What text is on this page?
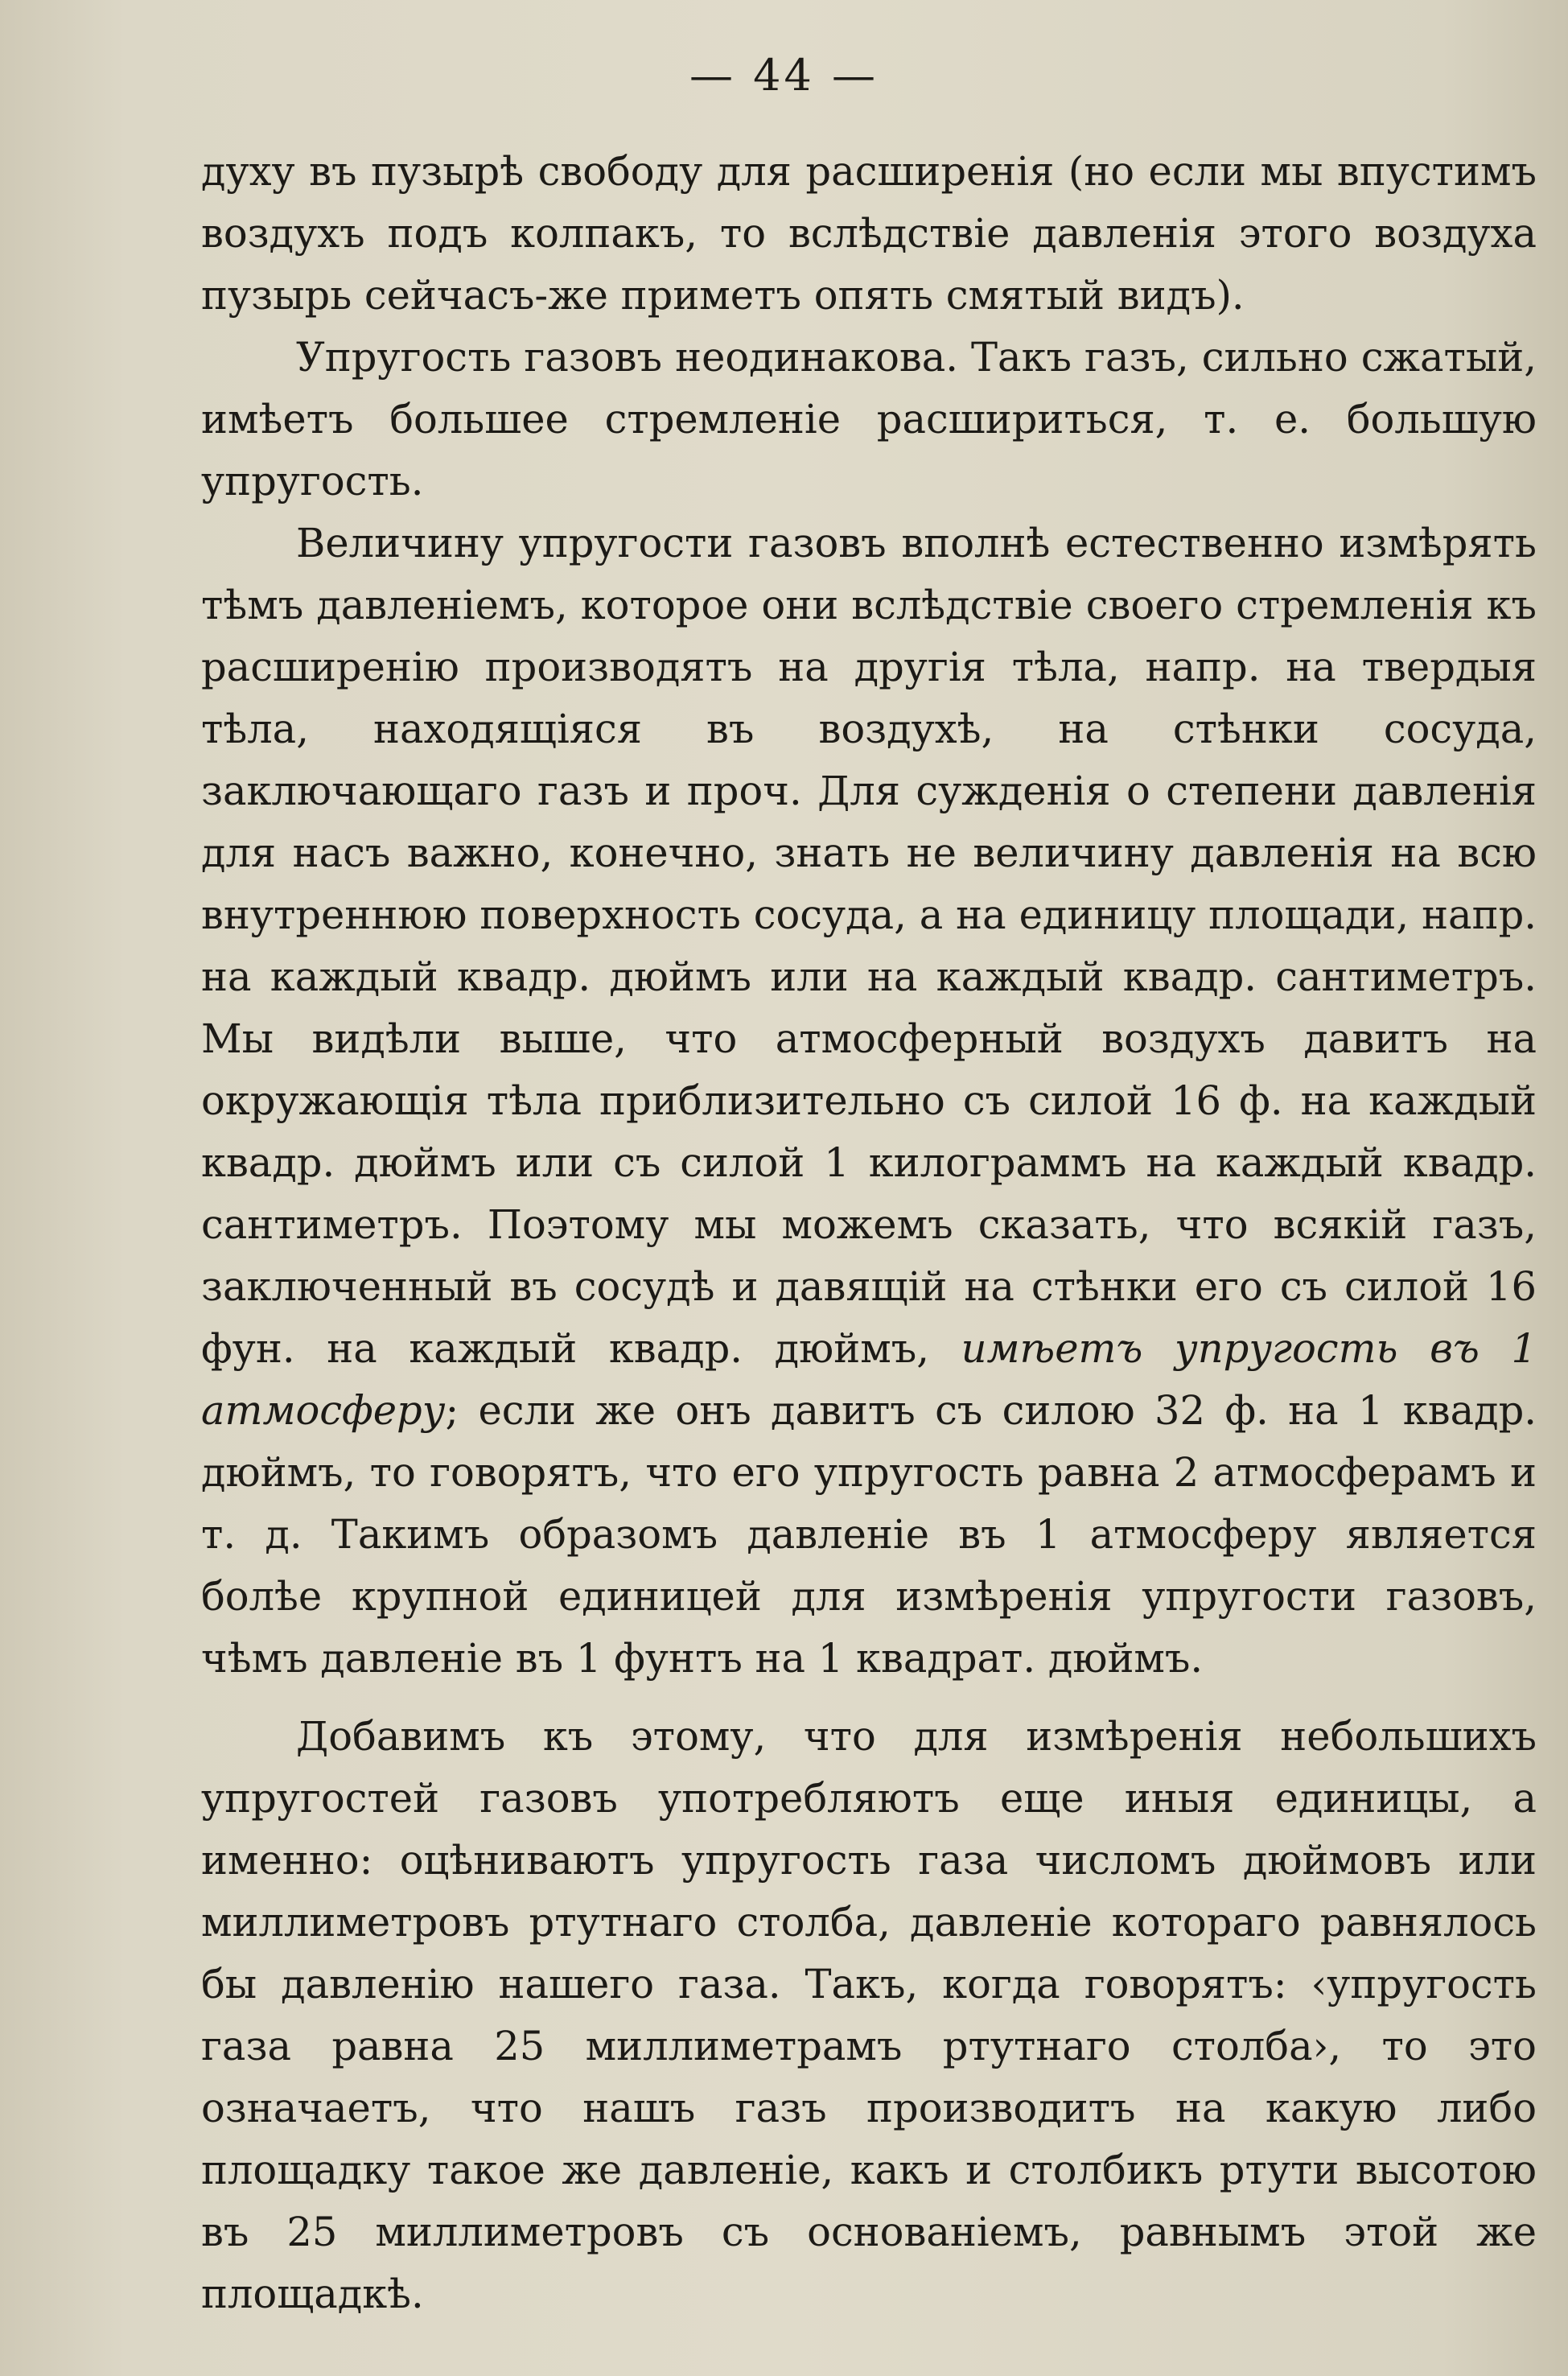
— 44 —

духу въ пузырѣ свободу для расширенія (но если мы впустимъ воздухъ подъ колпакъ, то вслѣдствіе давленія этого воздуха пузырь сейчасъ-же приметъ опять смятый видъ).

Упругость газовъ неодинакова. Такъ газъ, сильно сжатый, имѣетъ большее стремленіе расшириться, т. е. большую упругость.

Величину упругости газовъ вполнѣ естественно измѣрять тѣмъ давленіемъ, которое они вслѣдствіе своего стремленія къ расширенію производятъ на другія тѣла, напр. на твердыя тѣла, находящіяся въ воздухѣ, на стѣнки сосуда, заключающаго газъ и проч. Для сужденія о степени давленія для насъ важно, конечно, знать не величину давленія на всю внутреннюю поверхность сосуда, а на единицу площади, напр. на каждый квадр. дюймъ или на каждый квадр. сантиметръ. Мы видѣли выше, что атмосферный воздухъ давитъ на окружающія тѣла приблизительно съ силой 16 ф. на каждый квадр. дюймъ или съ силой 1 килограммъ на каждый квадр. сантиметръ. Поэтому мы можемъ сказать, что всякій газъ, заключенный въ сосудѣ и давящій на стѣнки его съ силой 16 фун. на каждый квадр. дюймъ, имѣетъ упругость въ 1 атмосферу; если же онъ давитъ съ силою 32 ф. на 1 квадр. дюймъ, то говорятъ, что его упругость равна 2 атмосферамъ и т. д. Такимъ образомъ давленіе въ 1 атмосферу является болѣе крупной единицей для измѣренія упругости газовъ, чѣмъ давленіе въ 1 фунтъ на 1 квадрат. дюймъ.

Добавимъ къ этому, что для измѣренія небольшихъ упругостей газовъ употребляютъ еще иныя единицы, а именно: оцѣниваютъ упругость газа числомъ дюймовъ или миллиметровъ ртутнаго столба, давленіе котораго равнялось бы давленію нашего газа. Такъ, когда говорятъ: ‹упругость газа равна 25 миллиметрамъ ртутнаго столба›, то это означаетъ, что нашъ газъ производитъ на какую либо площадку такое же давленіе, какъ и столбикъ ртути высотою въ 25 миллиметровъ съ основаніемъ, равнымъ этой же площадкѣ.
